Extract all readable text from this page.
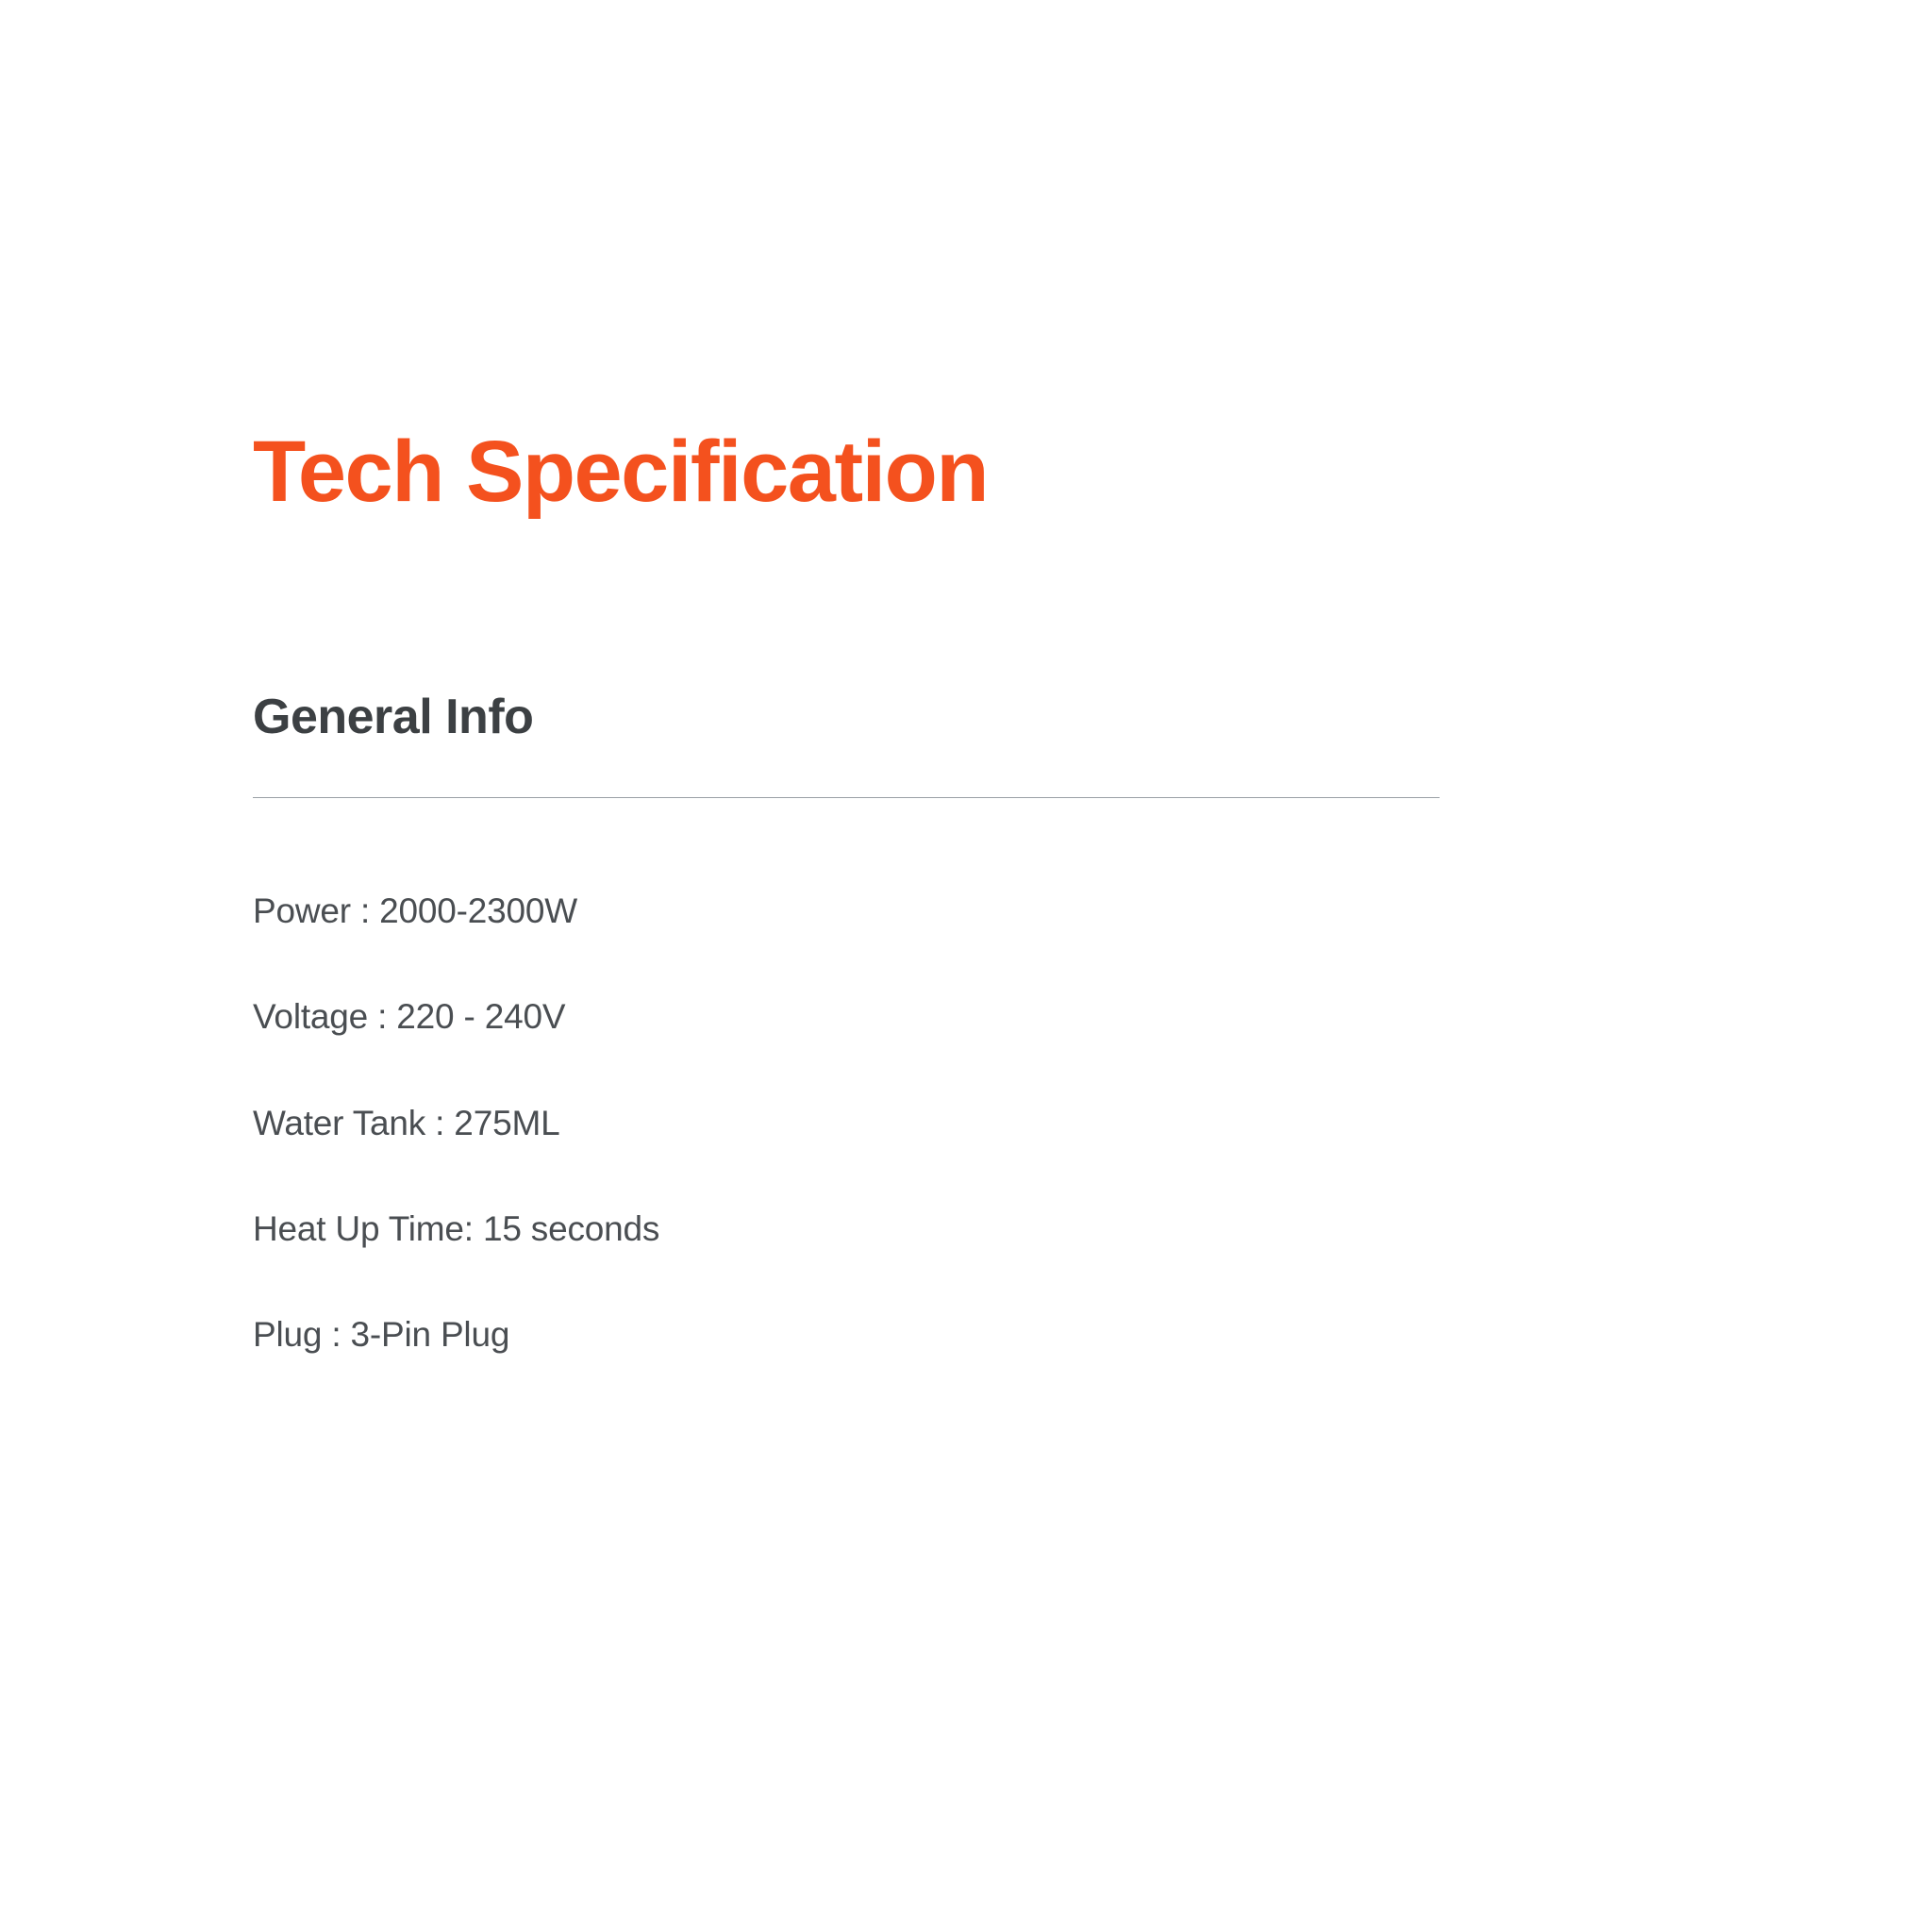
Tech Specification
General Info
Power : 2000-2300W
Voltage : 220 - 240V
Water Tank : 275ML
Heat Up Time: 15 seconds
Plug : 3-Pin Plug
